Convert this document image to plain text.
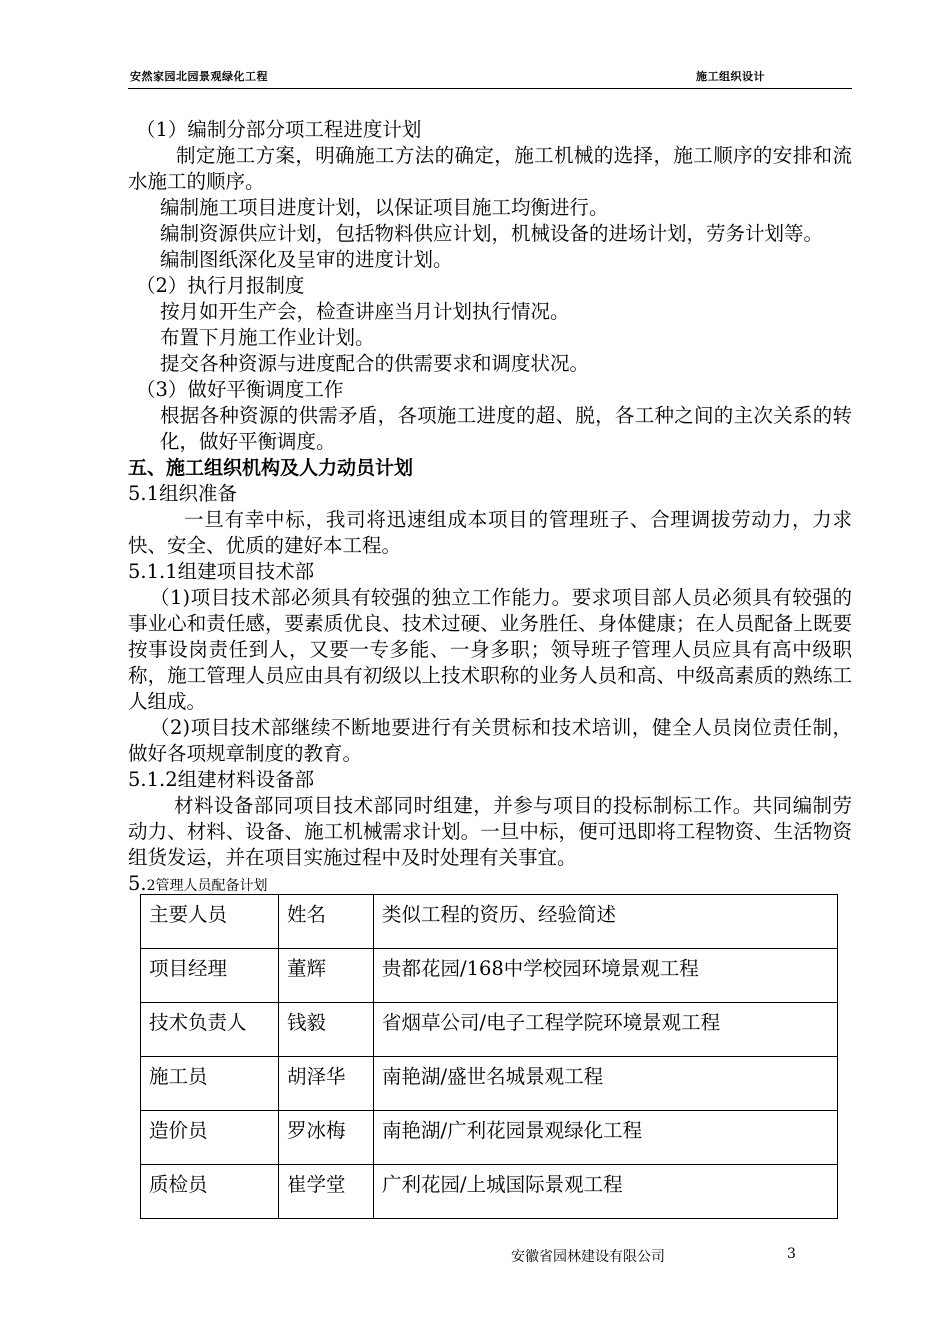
安然家园北园景观绿化工程	施工组织设计
（1）编制分部分项工程进度计划
制定施工方案，明确施工方法的确定，施工机械的选择，施工顺序的安排和流水施工的顺序。
编制施工项目进度计划，以保证项目施工均衡进行。
编制资源供应计划，包括物料供应计划，机械设备的进场计划，劳务计划等。
编制图纸深化及呈审的进度计划。
（2）执行月报制度
按月如开生产会，检查讲座当月计划执行情况。
布置下月施工作业计划。
提交各种资源与进度配合的供需要求和调度状况。
（3）做好平衡调度工作
根据各种资源的供需矛盾，各项施工进度的超、脱，各工种之间的主次关系的转化，做好平衡调度。
五、施工组织机构及人力动员计划
5.1组织准备
一旦有幸中标，我司将迅速组成本项目的管理班子、合理调拔劳动力，力求快、安全、优质的建好本工程。
5.1.1组建项目技术部
（1)项目技术部必须具有较强的独立工作能力。要求项目部人员必须具有较强的事业心和责任感，要素质优良、技术过硬、业务胜任、身体健康；在人员配备上既要按事设岗责任到人，又要一专多能、一身多职；领导班子管理人员应具有高中级职称，施工管理人员应由具有初级以上技术职称的业务人员和高、中级高素质的熟练工人组成。
（2)项目技术部继续不断地要进行有关贯标和技术培训，健全人员岗位责任制，做好各项规章制度的教育。
5.1.2组建材料设备部
材料设备部同项目技术部同时组建，并参与项目的投标制标工作。共同编制劳动力、材料、设备、施工机械需求计划。一旦中标，便可迅即将工程物资、生活物资组货发运，并在项目实施过程中及时处理有关事宜。
5.2管理人员配备计划
主要人员	姓名	类似工程的资历、经验简述
项目经理	董辉	贵都花园/168中学校园环境景观工程
技术负责人	钱毅	省烟草公司/电子工程学院环境景观工程
施工员	胡泽华	南艳湖/盛世名城景观工程
造价员	罗冰梅	南艳湖/广利花园景观绿化工程
质检员	崔学堂	广利花园/上城国际景观工程
安徽省园林建设有限公司	3
